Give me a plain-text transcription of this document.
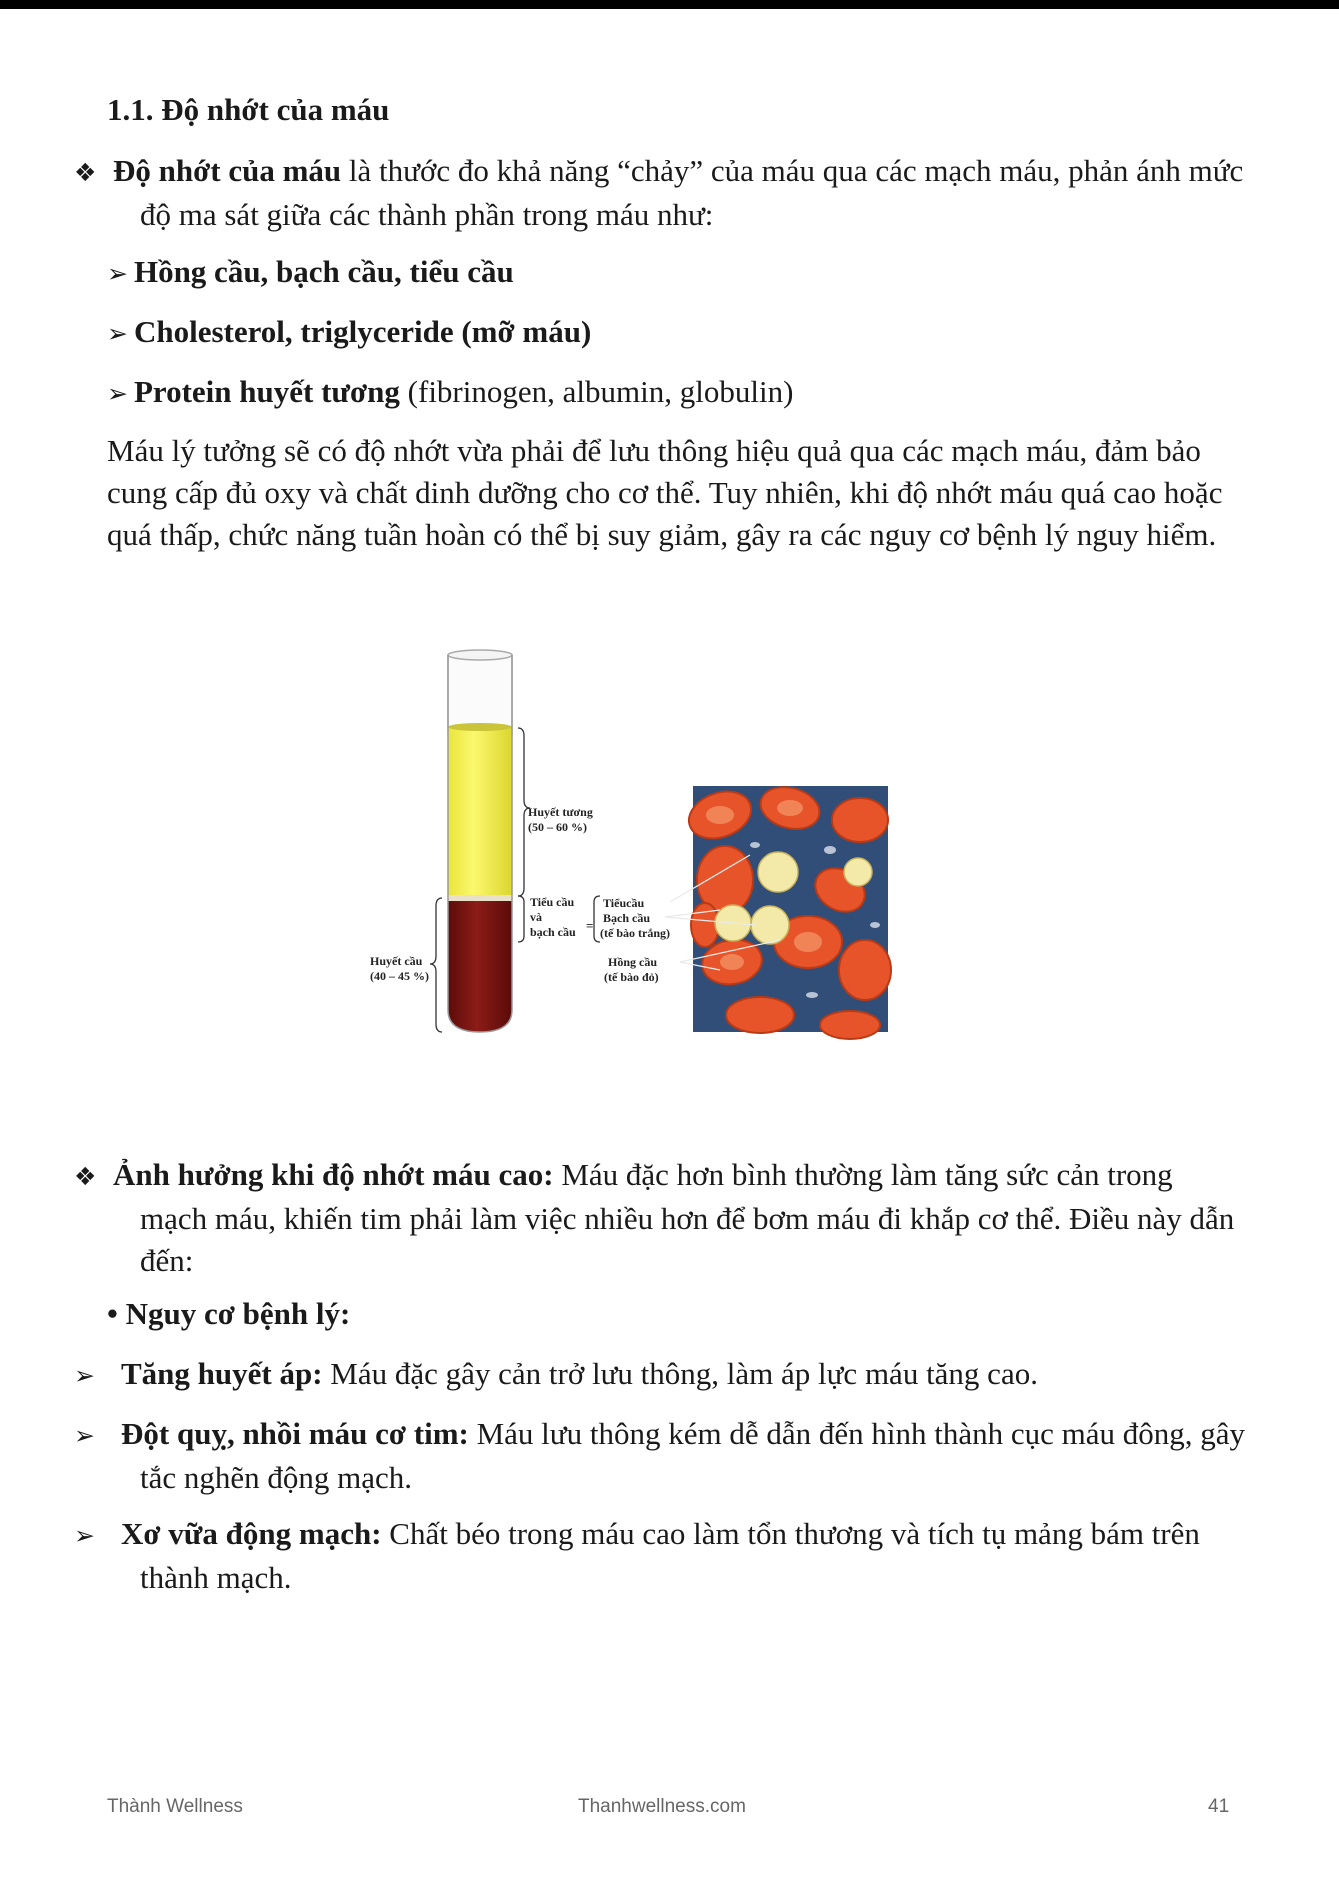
1.1. Độ nhớt của máu
❖ Độ nhớt của máu là thước đo khả năng “chảy” của máu qua các mạch máu, phản ánh mức độ ma sát giữa các thành phần trong máu như:
➢ Hồng cầu, bạch cầu, tiểu cầu
➢ Cholesterol, triglyceride (mỡ máu)
➢ Protein huyết tương (fibrinogen, albumin, globulin)
Máu lý tưởng sẽ có độ nhớt vừa phải để lưu thông hiệu quả qua các mạch máu, đảm bảo cung cấp đủ oxy và chất dinh dưỡng cho cơ thể. Tuy nhiên, khi độ nhớt máu quá cao hoặc quá thấp, chức năng tuần hoàn có thể bị suy giảm, gây ra các nguy cơ bệnh lý nguy hiểm.
Huyết tương
(50 – 60 %)
Tiểu cầu
và
bạch cầu
Huyết cầu
(40 – 45 %)
=
Tiểucầu
Bạch cầu
(tế bào trắng)
Hồng cầu
(tế bào đỏ)
❖ Ảnh hưởng khi độ nhớt máu cao: Máu đặc hơn bình thường làm tăng sức cản trong mạch máu, khiến tim phải làm việc nhiều hơn để bơm máu đi khắp cơ thể. Điều này dẫn đến:
• Nguy cơ bệnh lý:
➢ Tăng huyết áp: Máu đặc gây cản trở lưu thông, làm áp lực máu tăng cao.
➢ Đột quỵ, nhồi máu cơ tim: Máu lưu thông kém dễ dẫn đến hình thành cục máu đông, gây tắc nghẽn động mạch.
➢ Xơ vữa động mạch: Chất béo trong máu cao làm tổn thương và tích tụ mảng bám trên thành mạch.
Thành Wellness	Thanhwellness.com	41
